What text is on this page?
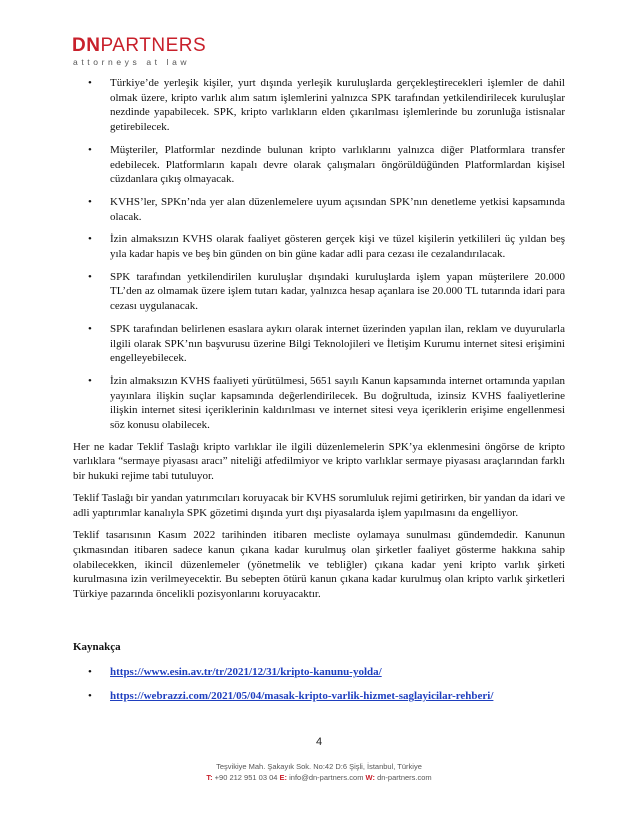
DNPARTNERS
attorneys at law
• Türkiye’de yerleşik kişiler, yurt dışında yerleşik kuruluşlarda gerçekleştirecekleri işlemler de dahil olmak üzere, kripto varlık alım satım işlemlerini yalnızca SPK tarafından yetkilendirilecek kuruluşlar nezdinde yapabilecek. SPK, kripto varlıkların elden çıkarılması işlemlerinde bu zorunluğa istisnalar getirebilecek.
• Müşteriler, Platformlar nezdinde bulunan kripto varlıklarını yalnızca diğer Platformlara transfer edebilecek. Platformların kapalı devre olarak çalışmaları öngörüldüğünden Platformlardan kişisel cüzdanlara çıkış olmayacak.
• KVHS’ler, SPKn’nda yer alan düzenlemelere uyum açısından SPK’nın denetleme yetkisi kapsamında olacak.
• İzin almaksızın KVHS olarak faaliyet gösteren gerçek kişi ve tüzel kişilerin yetkilileri üç yıldan beş yıla kadar hapis ve beş bin günden on bin güne kadar adli para cezası ile cezalandırılacak.
• SPK tarafından yetkilendirilen kuruluşlar dışındaki kuruluşlarda işlem yapan müşterilere 20.000 TL’den az olmamak üzere işlem tutarı kadar, yalnızca hesap açanlara ise 20.000 TL tutarında idari para cezası uygulanacak.
• SPK tarafından belirlenen esaslara aykırı olarak internet üzerinden yapılan ilan, reklam ve duyurularla ilgili olarak SPK’nın başvurusu üzerine Bilgi Teknolojileri ve İletişim Kurumu internet sitesi erişimini engelleyebilecek.
• İzin almaksızın KVHS faaliyeti yürütülmesi, 5651 sayılı Kanun kapsamında internet ortamında yapılan yayınlara ilişkin suçlar kapsamında değerlendirilecek. Bu doğrultuda, izinsiz KVHS faaliyetlerine ilişkin internet sitesi içeriklerinin kaldırılması ve internet sitesi veya içeriklerin erişime engellenmesi söz konusu olabilecek.

Her ne kadar Teklif Taslağı kripto varlıklar ile ilgili düzenlemelerin SPK’ya eklenmesini öngörse de kripto varlıklara “sermaye piyasası aracı” niteliği atfedilmiyor ve kripto varlıklar sermaye piyasası araçlarından farklı bir hukuki rejime tabi tutuluyor.

Teklif Taslağı bir yandan yatırımcıları koruyacak bir KVHS sorumluluk rejimi getirirken, bir yandan da idari ve adli yaptırımlar kanalıyla SPK gözetimi dışında yurt dışı piyasalarda işlem yapılmasını da engelliyor.

Teklif tasarısının Kasım 2022 tarihinden itibaren mecliste oylamaya sunulması gündemdedir. Kanunun çıkmasından itibaren sadece kanun çıkana kadar kurulmuş olan şirketler faaliyet gösterme hakkına sahip olabilecekken, ikincil düzenlemeler (yönetmelik ve tebliğler) çıkana kadar yeni kripto varlık şirketi kurulmasına izin verilmeyecektir. Bu sebepten ötürü kanun çıkana kadar kurulmuş olan kripto varlık şirketleri Türkiye pazarında öncelikli pozisyonlarını koruyacaktır.

Kaynakça
• https://www.esin.av.tr/tr/2021/12/31/kripto-kanunu-yolda/
• https://webrazzi.com/2021/05/04/masak-kripto-varlik-hizmet-saglayicilar-rehberi/
4
Teşvikiye Mah. Şakayık Sok. No:42 D:6 Şişli, İstanbul, Türkiye
T: +90 212 951 03 04 E: info@dn-partners.com W: dn-partners.com
